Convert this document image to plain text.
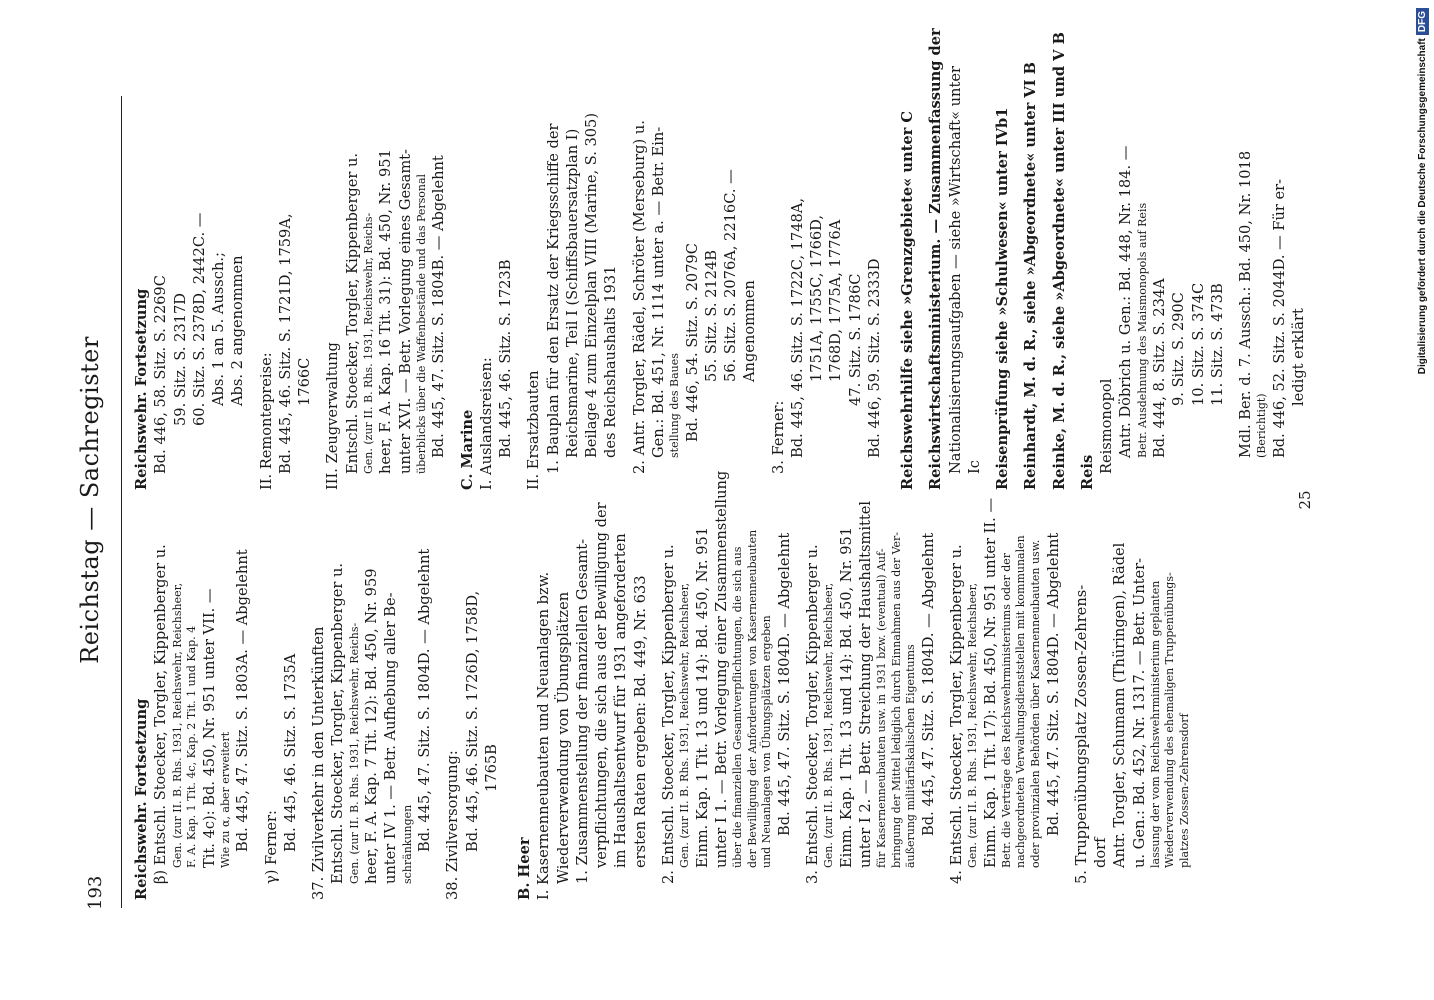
193
Reichstag — Sachregister
Reichswehr. Fortsetzung β) Entschl. Stoecker, Torgler, Kippenberger u. Gen. (zur II. B. Rhs. 1931, Reichswehr, Reichsheer, F. A. Kap. 1 Tit. 4c, Kap. 2 Tit. 1 und Kap. 4 Tit. 4c): Bd. 450, Nr. 951 unter VII. — Wie zu α, aber erweitert Bd. 445, 47. Sitz. S. 1803A. — Abgelehnt γ) Ferner: Bd. 445, 46. Sitz. S. 1735A 37. Zivilverkehr in den Unterkünften Entschl. Stoecker, Torgler, Kippenberger u. Gen. (zur II. B. Rhs. 1931, Reichswehr, Reichs- heer, F. A. Kap. 7 Tit. 12): Bd. 450, Nr. 959 unter IV 1. — Betr. Aufhebung aller Be- schränkungen Bd. 445, 47. Sitz. S. 1804D. — Abgelehnt 38. Zivilversorgung: Bd. 445, 46. Sitz. S. 1726D, 1758D, 1765B
B. Heer I. Kasernenneubauten und Neuanlagen bzw. Wiederverwendung von Übungsplätzen 1. Zusammenstellung der finanziellen Gesamt- verpflichtungen, die sich aus der Bewilligung der im Haushaltsentwurf für 1931 angeforderten ersten Raten ergeben: Bd. 449, Nr. 633 2. Entschl. Stoecker, Torgler, Kippenberger u. Gen. (zur II. B. Rhs. 1931, Reichswehr, Reichsheer, Einm. Kap. 1 Tit. 13 und 14): Bd. 450, Nr. 951 unter I 1. — Betr. Vorlegung einer Zusammenstellung über die finanziellen Gesamtverpflichtungen, die sich aus der Bewilligung der Anforderungen von Kasernenneubauten und Neuanlagen von Übungsplätzen ergeben Bd. 445, 47. Sitz. S. 1804D. — Abgelehnt 3. Entschl. Stoecker, Torgler, Kippenberger u. Gen. (zur II. B. Rhs. 1931, Reichswehr, Reichsheer, Einm. Kap. 1 Tit. 13 und 14): Bd. 450, Nr. 951 unter I 2. — Betr. Streichung der Haushaltsmittel für Kasernenneubauten usw. in 1931 bzw. (eventual) Auf- bringung der Mittel lediglich durch Einnahmen aus der Ver- äußerung militärfiskalischen Eigentums Bd. 445, 47. Sitz. S. 1804D. — Abgelehnt 4. Entschl. Stoecker, Torgler, Kippenberger u. Gen. (zur II. B. Rhs. 1931, Reichswehr, Reichsheer, Einm. Kap. 1 Tit. 17): Bd. 450, Nr. 951 unter II. — Betr. die Verträge des Reichswehrministeriums oder der nachgeordneten Verwaltungsdienststellen mit kommunalen oder provinzialen Behörden über Kasernenneubauten usw. Bd. 445, 47. Sitz. S. 1804D. — Abgelehnt 5. Truppenübungsplatz Zossen-Zehrens- dorf Antr. Torgler, Schumann (Thüringen), Rädel u. Gen.: Bd. 452, Nr. 1317. — Betr. Unter- lassung der vom Reichswehrministerium geplanten Wiederverwendung des ehemaligen Truppenübungs- platzes Zossen-Zehrensdorf
Reichswehr. Fortsetzung Bd. 446, 58. Sitz. S. 2269C 59. Sitz. S. 2317D 60. Sitz. S. 2378D, 2442C. — Abs. 1 an 5. Aussch.; Abs. 2 angenommen
II. Remontepreise: Bd. 445, 46. Sitz. S. 1721D, 1759A, 1766C III. Zeugverwaltung Entschl. Stoecker, Torgler, Kippenberger u. Gen. (zur II. B. Rhs. 1931, Reichswehr, Reichs- heer, F. A. Kap. 16 Tit. 31): Bd. 450, Nr. 951 unter XVI. — Betr. Vorlegung eines Gesamt- überblicks über die Waffenbestände und das Personal Bd. 445, 47. Sitz. S. 1804B. — Abgelehnt C. Marine I. Auslandsreisen: Bd. 445, 46. Sitz. S. 1723B II. Ersatzbauten 1. Bauplan für den Ersatz der Kriegsschiffe der Reichsmarine, Teil I (Schiffsbauersatzplan I) Beilage 4 zum Einzelplan VIII (Marine, S. 305) des Reichshaushalts 1931 2. Antr. Torgler, Rädel, Schröter (Merseburg) u. Gen.: Bd. 451, Nr. 1114 unter a. — Betr. Ein- stellung des Baues Bd. 446, 54. Sitz. S. 2079C 55. Sitz. S. 2124B 56. Sitz. S. 2076A, 2216C. — Angenommen
3. Ferner: Bd. 445, 46. Sitz. S. 1722C, 1748A, 1751A, 1755C, 1766D, 1768D, 1775A, 1776A 47. Sitz. S. 1786C Bd. 446, 59. Sitz. S. 2333D Reichswehrhilfe siehe »Grenzgebiete« unter C Reichswirtschaftsministerium. — Zusammenfassung der Nationalisierungsaufgaben — siehe »Wirtschaft« unter Ic Reisenprüfung siehe »Schulwesen« unter IVb1 Reinhardt, M. d. R., siehe »Abgeordnete« unter VI B Reinke, M. d. R., siehe »Abgeordnete« unter III und V B Reis Reismonopol Antr. Döbrich u. Gen.: Bd. 448, Nr. 184. — Betr. Ausdehnung des Maismonopols auf Reis Bd. 444, 8. Sitz. S. 234A 9. Sitz. S. 290C 10. Sitz. S. 374C 11. Sitz. S. 473B Mdl. Ber. d. 7. Aussch.: Bd. 450, Nr. 1018 (Berichtigt) Bd. 446, 52. Sitz. S. 2044D. — Für er- ledigt erklärt
25
Digitalisierung gefördert durch die Deutsche ForschungsgemeinschaftDFG
